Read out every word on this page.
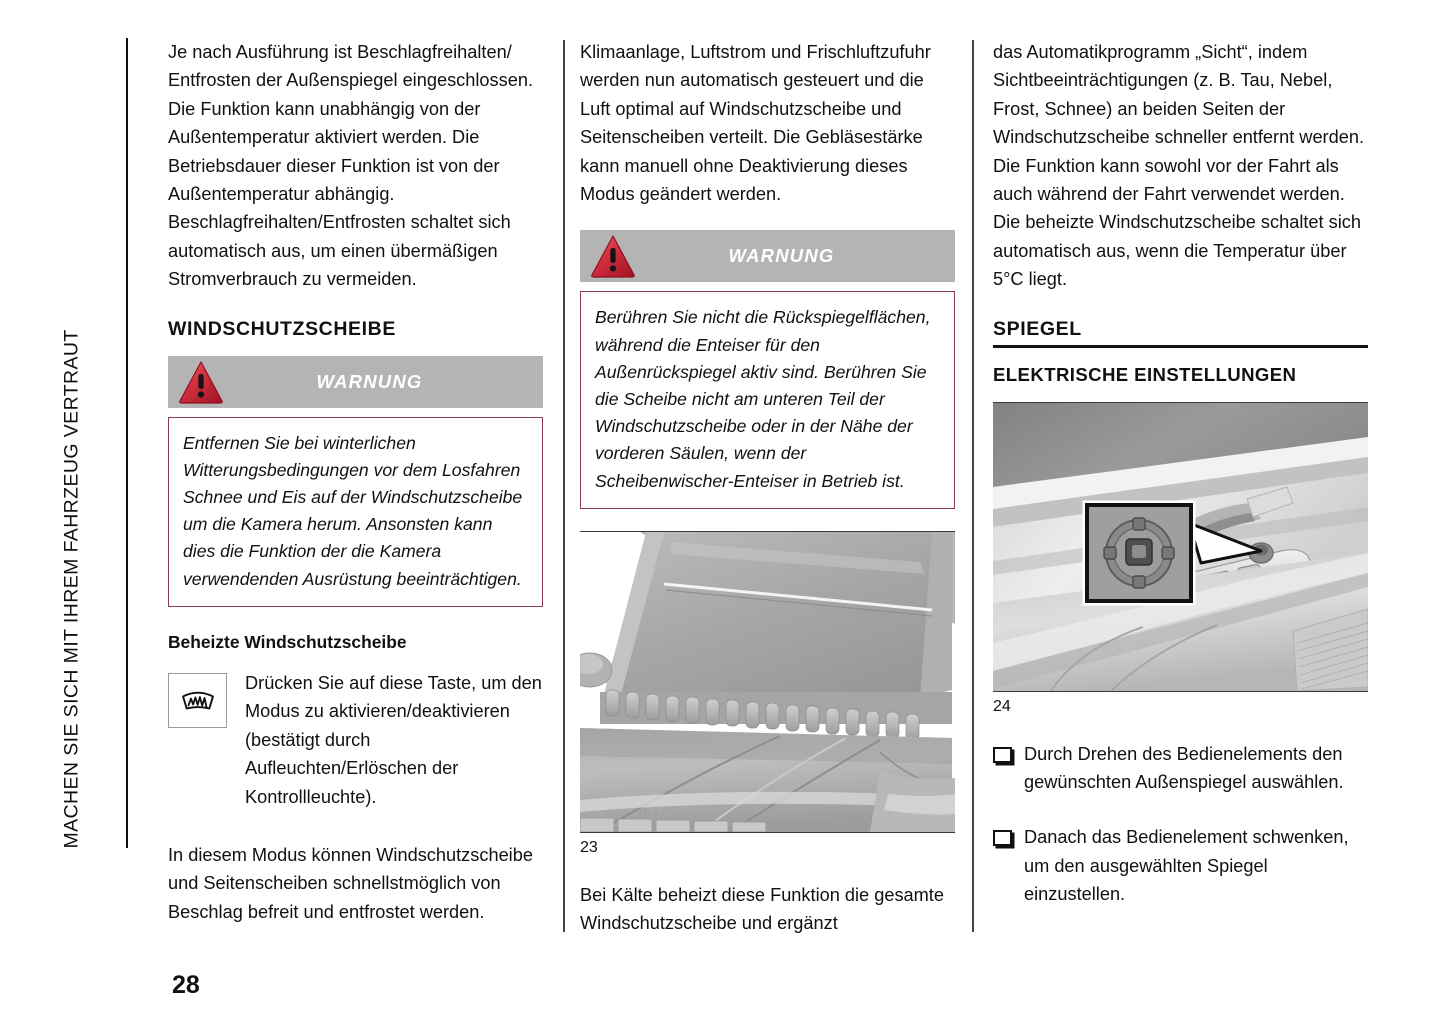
MACHEN SIE SICH MIT IHREM FAHRZEUG VERTRAUT

Je nach Ausführung ist Beschlagfreihalten/ Entfrosten der Außenspiegel eingeschlossen. Die Funktion kann unabhängig von der Außentemperatur aktiviert werden. Die Betriebsdauer dieser Funktion ist von der Außentemperatur abhängig. Beschlagfreihalten/Entfrosten schaltet sich automatisch aus, um einen übermäßigen Stromverbrauch zu vermeiden.

WINDSCHUTZSCHEIBE
WARNUNG

Entfernen Sie bei winterlichen Witterungsbedingungen vor dem Losfahren Schnee und Eis auf der Windschutzscheibe um die Kamera herum. Ansonsten kann dies die Funktion der die Kamera verwendenden Ausrüstung beeinträchtigen.

Beheizte Windschutzscheibe

Drücken Sie auf diese Taste, um den Modus zu aktivieren/deaktivieren (bestätigt durch Aufleuchten/Erlöschen der Kontrollleuchte).

In diesem Modus können Windschutzscheibe und Seitenscheiben schnellstmöglich von Beschlag befreit und entfrostet werden.

Klimaanlage, Luftstrom und Frischluftzufuhr werden nun automatisch gesteuert und die Luft optimal auf Windschutzscheibe und Seitenscheiben verteilt. Die Gebläsestärke kann manuell ohne Deaktivierung dieses Modus geändert werden.

WARNUNG

Berühren Sie nicht die Rückspiegelflächen, während die Enteiser für den Außenrückspiegel aktiv sind. Berühren Sie die Scheibe nicht am unteren Teil der Windschutzscheibe oder in der Nähe der vorderen Säulen, wenn der Scheibenwischer-Enteiser in Betrieb ist.

JEEP
23

Bei Kälte beheizt diese Funktion die gesamte Windschutzscheibe und ergänzt

das Automatikprogramm „Sicht“, indem Sichtbeeinträchtigungen (z. B. Tau, Nebel, Frost, Schnee) an beiden Seiten der Windschutzscheibe schneller entfernt werden. Die Funktion kann sowohl vor der Fahrt als auch während der Fahrt verwendet werden. Die beheizte Windschutzscheibe schaltet sich automatisch aus, wenn die Temperatur über 5°C liegt.

SPIEGEL
ELEKTRISCHE EINSTELLUNGEN
24
Durch Drehen des Bedienelements den gewünschten Außenspiegel auswählen.
Danach das Bedienelement schwenken, um den ausgewählten Spiegel einzustellen.
28
